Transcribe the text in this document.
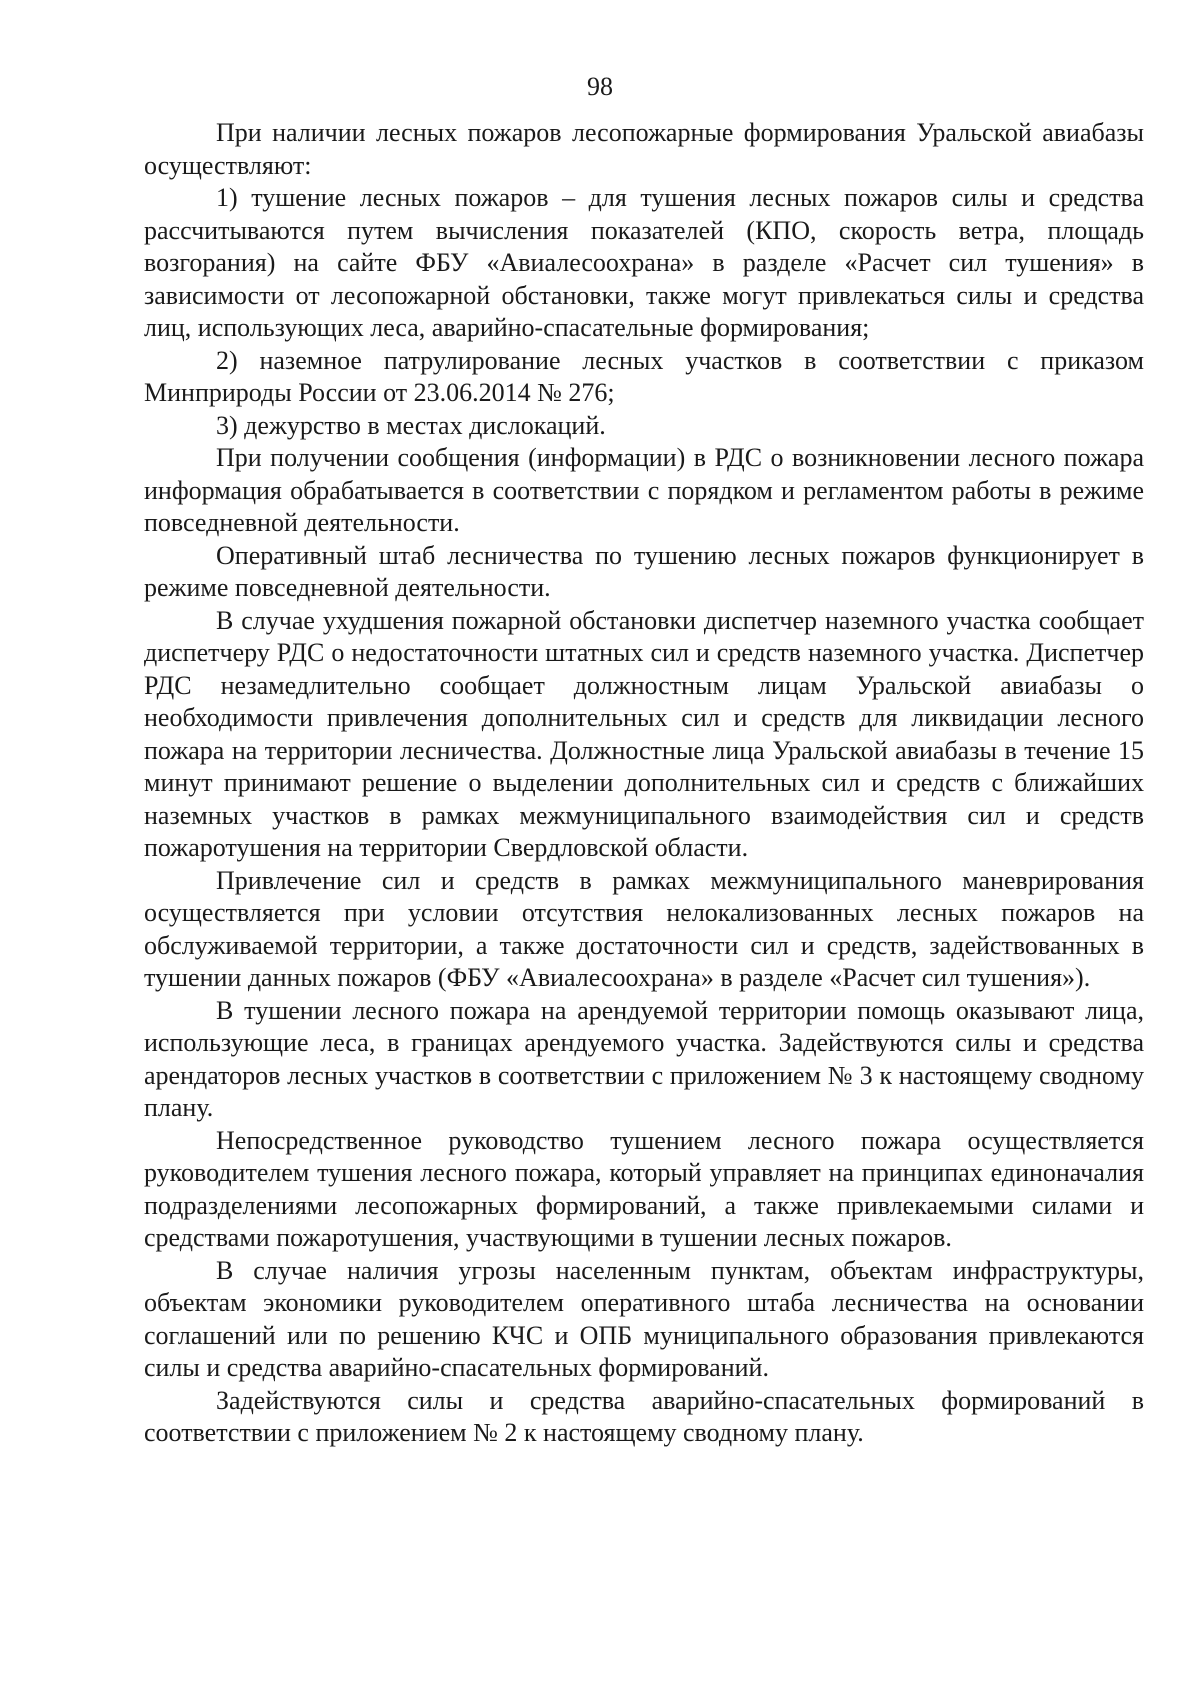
98

При наличии лесных пожаров лесопожарные формирования Уральской авиабазы осуществляют:

1) тушение лесных пожаров – для тушения лесных пожаров силы и средства рассчитываются путем вычисления показателей (КПО, скорость ветра, площадь возгорания) на сайте ФБУ «Авиалесоохрана» в разделе «Расчет сил тушения» в зависимости от лесопожарной обстановки, также могут привлекаться силы и средства лиц, использующих леса, аварийно-спасательные формирования;

2) наземное патрулирование лесных участков в соответствии с приказом Минприроды России от 23.06.2014 № 276;

3) дежурство в местах дислокаций.

При получении сообщения (информации) в РДС о возникновении лесного пожара информация обрабатывается в соответствии с порядком и регламентом работы в режиме повседневной деятельности.

Оперативный штаб лесничества по тушению лесных пожаров функционирует в режиме повседневной деятельности.

В случае ухудшения пожарной обстановки диспетчер наземного участка сообщает диспетчеру РДС о недостаточности штатных сил и средств наземного участка. Диспетчер РДС незамедлительно сообщает должностным лицам Уральской авиабазы о необходимости привлечения дополнительных сил и средств для ликвидации лесного пожара на территории лесничества. Должностные лица Уральской авиабазы в течение 15 минут принимают решение о выделении дополнительных сил и средств с ближайших наземных участков в рамках межмуниципального взаимодействия сил и средств пожаротушения на территории Свердловской области.

Привлечение сил и средств в рамках межмуниципального маневрирования осуществляется при условии отсутствия нелокализованных лесных пожаров на обслуживаемой территории, а также достаточности сил и средств, задействованных в тушении данных пожаров (ФБУ «Авиалесоохрана» в разделе «Расчет сил тушения»).

В тушении лесного пожара на арендуемой территории помощь оказывают лица, использующие леса, в границах арендуемого участка. Задействуются силы и средства арендаторов лесных участков в соответствии с приложением № 3 к настоящему сводному плану.

Непосредственное руководство тушением лесного пожара осуществляется руководителем тушения лесного пожара, который управляет на принципах единоначалия подразделениями лесопожарных формирований, а также привлекаемыми силами и средствами пожаротушения, участвующими в тушении лесных пожаров.

В случае наличия угрозы населенным пунктам, объектам инфраструктуры, объектам экономики руководителем оперативного штаба лесничества на основании соглашений или по решению КЧС и ОПБ муниципального образования привлекаются силы и средства аварийно-спасательных формирований.

Задействуются силы и средства аварийно-спасательных формирований в соответствии с приложением № 2 к настоящему сводному плану.
